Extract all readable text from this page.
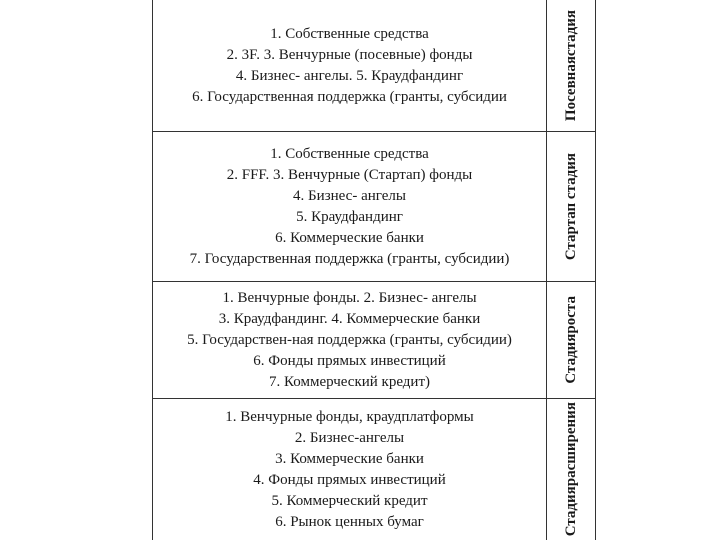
1. Собственные средства
2. 3F. 3. Венчурные (посевные) фонды
4. Бизнес- ангелы. 5. Краудфандинг
6. Государственная поддержка (гранты, субсидии	Посевная
стадия
1. Собственные средства
2. FFF. 3. Венчурные (Стартап) фонды
4. Бизнес- ангелы
5. Краудфандинг
6. Коммерческие банки
7. Государственная поддержка (гранты, субсидии)	Стартап стадия
1. Венчурные фонды. 2. Бизнес- ангелы
3. Краудфандинг. 4. Коммерческие банки
5. Государствен-ная поддержка (гранты, субсидии)
6. Фонды прямых инвестиций
7. Коммерческий кредит)	Стадия
роста
1. Венчурные фонды, краудплатформы
2. Бизнес-ангелы
3. Коммерческие банки
4. Фонды прямых инвестиций
5. Коммерческий кредит
6. Рынок ценных бумаг	Стадия
расширения
